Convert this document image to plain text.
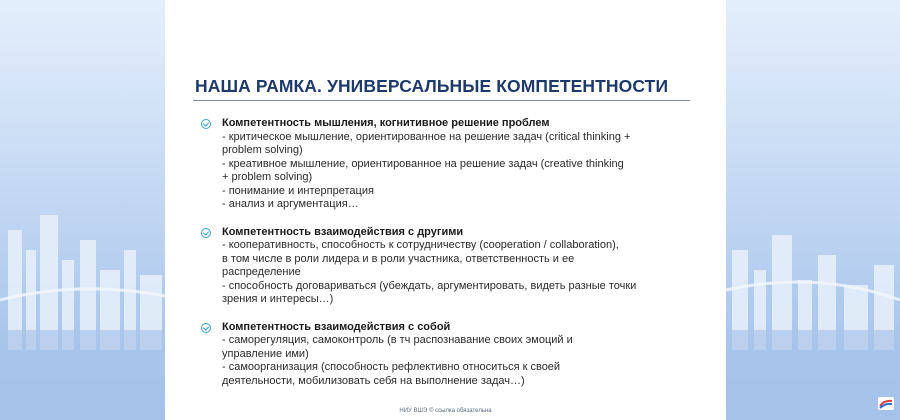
НАША РАМКА. УНИВЕРСАЛЬНЫЕ КОМПЕТЕНТНОСТИ
Компетентность мышления, когнитивное решение проблем
- критическое мышление, ориентированное на решение задач (critical thinking +
problem solving)
- креативное мышление, ориентированное на решение задач (creative thinking
+ problem solving)
- понимание и интерпретация
- анализ и аргументация…
Компетентность взаимодействия с другими
- кооперативность, способность к сотрудничеству (cooperation / collaboration),
в том числе в роли лидера и в роли участника, ответственность и ее
распределение
- способность договариваться (убеждать, аргументировать, видеть разные точки
зрения и интересы…)
Компетентность взаимодействия с собой
- саморегуляция, самоконтроль (в тч распознавание своих эмоций и
управление ими)
- самоорганизация (способность рефлективно относиться к своей
деятельности, мобилизовать себя на выполнение задач…)
НИУ ВШЭ © ссылка обязательна
